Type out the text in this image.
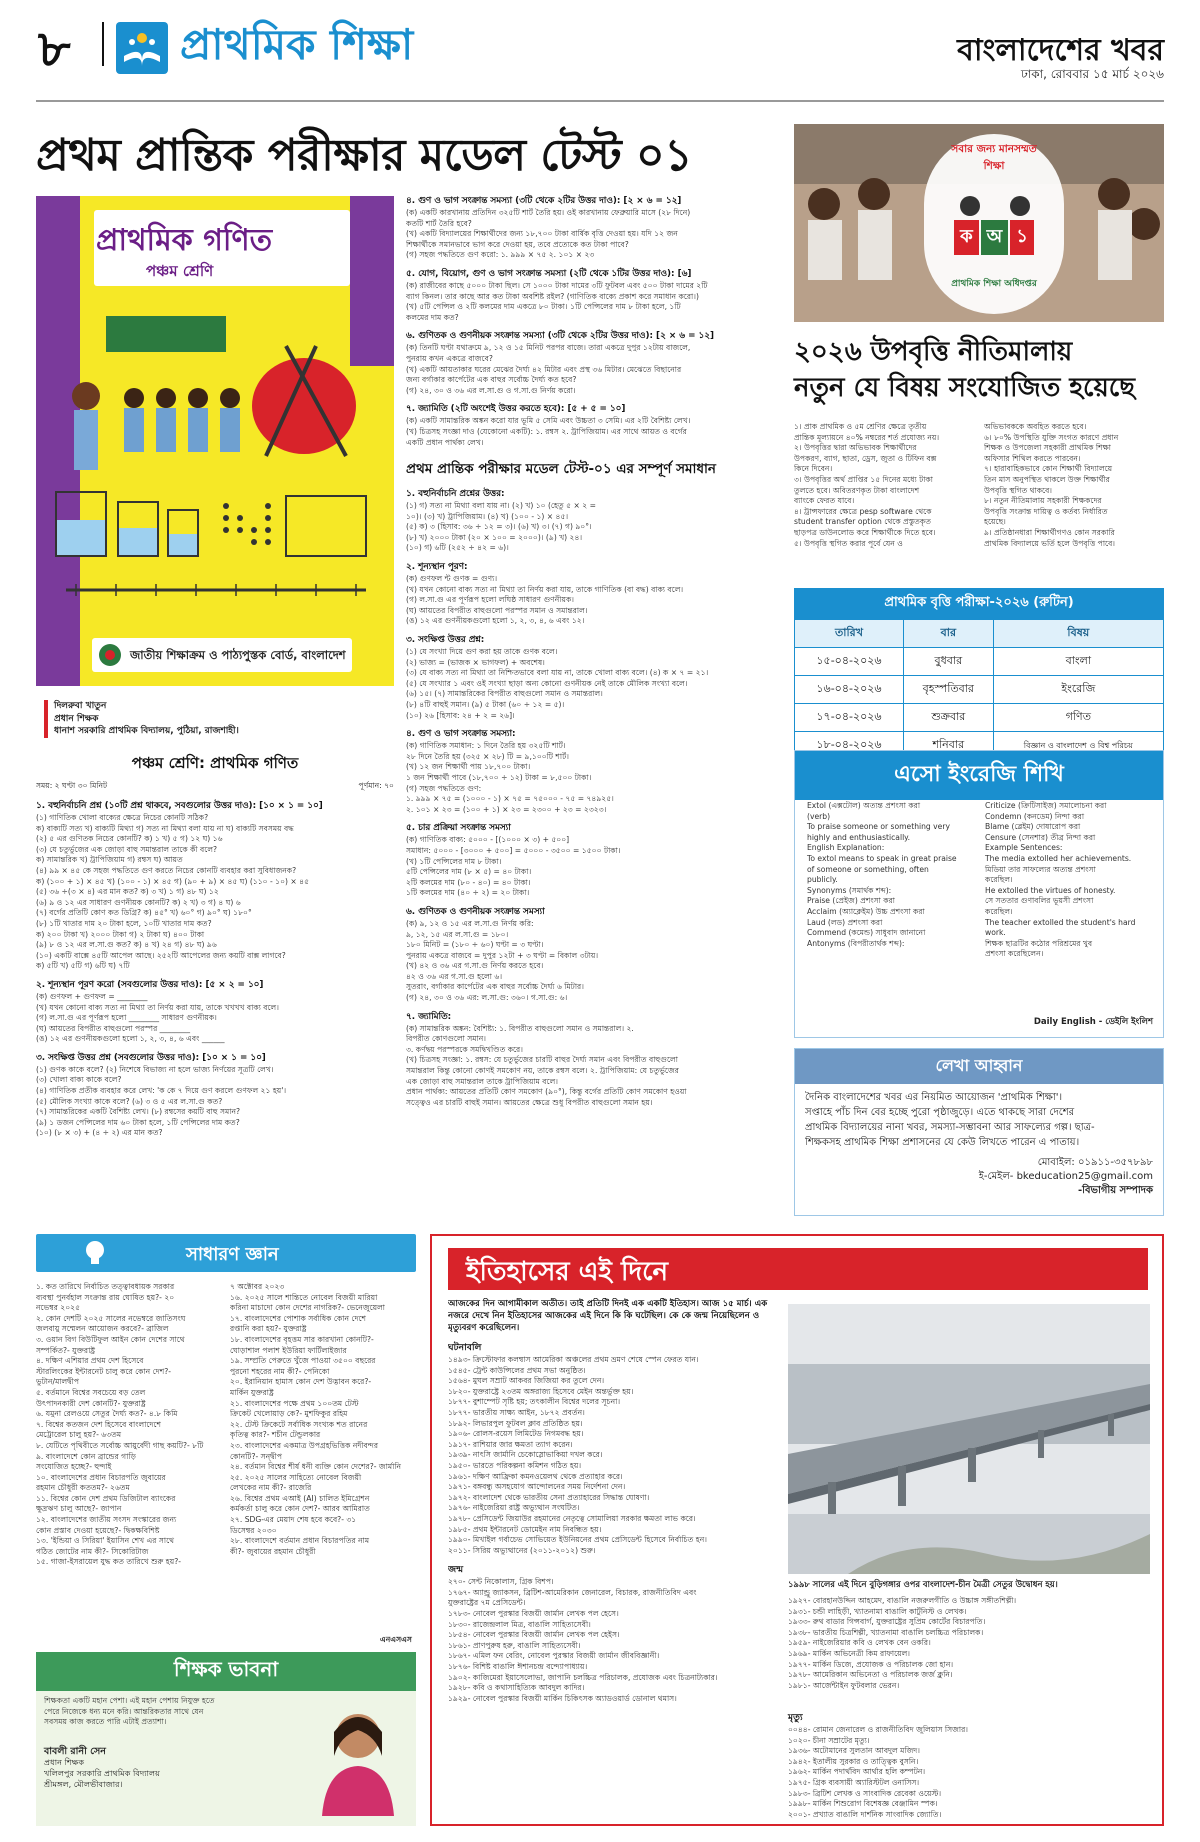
৮	প্রাথমিক শিক্ষা	বাংলাদেশের খবর
ঢাকা, রোববার ১৫ মার্চ ২০২৬
প্রথম প্রান্তিক পরীক্ষার মডেল টেস্ট ০১
প্রাথমিক গণিত
পঞ্চম শ্রেণি
জাতীয় শিক্ষাক্রম ও পাঠ্যপুস্তক বোর্ড, বাংলাদেশ
দিলরুবা খাতুন
প্রধান শিক্ষক
ধানাশ সরকারি প্রাথমিক বিদ্যালয়, পুঠিয়া, রাজশাহী।
পঞ্চম শ্রেণি: প্রাথমিক গণিত
সময়: ২ ঘণ্টা ৩০ মিনিট	পূর্ণমান: ৭০
১. বহুনির্বাচনি প্রশ্ন (১০টি প্রশ্ন থাকবে, সবগুলোর উত্তর দাও): [১০ × ১ = ১০]
(১) গাণিতিক খোলা বাক্যের ক্ষেত্রে নিচের কোনটি সঠিক?
ক) বাক্যটি সত্য খ) বাক্যটি মিথ্যা গ) সত্য না মিথ্যা বলা যায় না ঘ) বাক্যটি সবসময় বদ্ধ
(২) ৫ এর গুণিতক নিচের কোনটি? ক) ১ খ) ৫ গ) ১২ ঘ) ১৬
(৩) যে চতুর্ভুজের এক জোড়া বাহু সমান্তরাল তাকে কী বলে?
ক) সামান্তরিক খ) ট্রাপিজিয়াম গ) রম্বস ঘ) আয়ত
(৪) ৯৯ × ৪৫ কে সহজ পদ্ধতিতে গুণ করতে নিচের কোনটি ব্যবহার করা সুবিধাজনক?
ক) (১০০ + ১) × ৪৫ খ) (১০০ - ১) × ৪৫ গ) (৯০ + ৯) × ৪৫ ঘ) (১১০ - ১০) × ৪৫
(৫) ৩৬ ÷(৩ × ৪) এর মান কত? ক) ৩ খ) ১ গ) ৪৮ ঘ) ১২
(৬) ৯ ও ১২ এর সাধারণ গুণনীয়ক কোনটি? ক) ২ খ) ৩ গ) ৪ ঘ) ৬
(৭) বর্গের প্রতিটি কোণ কত ডিগ্রি? ক) ৪৫° খ) ৬০° গ) ৯০° ঘ) ১৮০°
(৮) ১টি খাতার দাম ২০ টাকা হলে, ১০টি খাতার দাম কত?
ক) ২০০ টাকা খ) ২০০০ টাকা গ) ২ টাকা ঘ) ৪০০ টাকা
(৯) ৮ ও ১২ এর ল.সা.গু কত? ক) ৪ খ) ২৪ গ) ৪৮ ঘ) ৯৬
(১০) একটি বাক্সে ৪৫টি আপেল আছে। ২৫২টি আপেলের জন্য কয়টি বাক্স লাগবে?
ক) ৫টি খ) ৫টি গ) ৬টি ঘ) ৭টি
২. শূন্যস্থান পূরণ করো (সবগুলোর উত্তর দাও): [৫ × ২ = ১০]
(ক) গুণফল + গুণফল = ________
(খ) যখন কোনো বাক্য সত্য না মিথ্যা তা নির্ণয় করা যায়, তাকে খখখখ বাক্য বলে।
(গ) ল.সা.গু এর পূর্ণরূপ হলো ________ সাধারণ গুণনীয়ক।
(ঘ) আয়তের বিপরীত বাহুগুলো পরস্পর ________
(ঙ) ১২ এর গুণনীয়কগুলো হলো ১, ২, ৩, ৪, ৬ এবং ______
৩. সংক্ষিপ্ত উত্তর প্রশ্ন (সবগুলোর উত্তর দাও): [১০ × ১ = ১০]
(১) গুণক কাকে বলে? (২) নিশেষে বিভাজ্য না হলে ভাজ্য নির্ণয়ের সূত্রটি লেখ।
(৩) খোলা বাক্য কাকে বলে?
(৪) গাণিতিক প্রতীক ব্যবহার করে লেখ: 'ক কে ৭ দিয়ে গুণ করলে গুণফল ২১ হয়'।
(৫) মৌলিক সংখ্যা কাকে বলে? (৬) ৩ ও ৫ এর ল.সা.গু কত?
(৭) সামান্তরিকের একটি বৈশিষ্ট্য লেখ। (৮) রম্বসের কয়টি বাহু সমান?
(৯) ১ ডজন পেন্সিলের দাম ৬০ টাকা হলে, ১টি পেন্সিলের দাম কত?
(১০) (৮ × ৩) + (৪ ÷ ২) এর মান কত?
৪. গুণ ও ভাগ সংক্রান্ত সমস্যা (৩টি থেকে ২টির উত্তর দাও): [২ × ৬ = ১২]
(ক) একটি কারখানায় প্রতিদিন ৩২৫টি শার্ট তৈরি হয়। ওই কারখানায় ফেব্রুয়ারি মাসে (২৮ দিনে)
কতটি শার্ট তৈরি হবে?
(খ) একটি বিদ্যালয়ের শিক্ষার্থীদের জন্য ১৮,৭০০ টাকা বার্ষিক বৃত্তি দেওয়া হয়। যদি ১২ জন
শিক্ষার্থীকে সমানভাবে ভাগ করে দেওয়া হয়, তবে প্রত্যেকে কত টাকা পাবে?
(গ) সহজ পদ্ধতিতে গুণ করো: ১. ৯৯৯ × ৭৫ ২. ১০১ × ২৩
৫. যোগ, বিয়োগ, গুণ ও ভাগ সংক্রান্ত সমস্যা (২টি থেকে ১টির উত্তর দাও): [৬]
(ক) রাজীবের কাছে ৫০০০ টাকা ছিল। সে ১০০০ টাকা দামের ৩টি ফুটবল এবং ৫০০ টাকা দামের ২টি
ব্যাগ কিনল। তার কাছে আর কত টাকা অবশিষ্ট রইল? (গাণিতিক বাক্যে প্রকাশ করে সমাধান করো।)
(খ) ৫টি পেন্সিল ও ২টি কলমের দাম একত্রে ৮০ টাকা। ১টি পেন্সিলের দাম ৮ টাকা হলে, ১টি
কলমের দাম কত?
৬. গুণিতক ও গুণনীয়ক সংক্রান্ত সমস্যা (৩টি থেকে ২টির উত্তর দাও): [২ × ৬ = ১২]
(ক) তিনটি ঘণ্টা যথাক্রমে ৯, ১২ ও ১৫ মিনিট পরপর বাজে। তারা একত্রে দুপুর ১২টায় বাজলে,
পুনরায় কখন একত্রে বাজবে?
(খ) একটি আয়তাকার ঘরের মেঝের দৈর্ঘ্য ৪২ মিটার এবং প্রস্থ ৩৬ মিটার। মেঝেতে বিছানোর
জন্য বর্গাকার কার্পেটের এক বাহুর সর্বোচ্চ দৈর্ঘ্য কত হবে?
(গ) ২৪, ৩০ ও ৩৬ এর ল.সা.গু ও গ.সা.গু নির্ণয় করো।
৭. জ্যামিতি (২টি অংশেই উত্তর করতে হবে): [৫ + ৫ = ১০]
(ক) একটি সামান্তরিক অঙ্কন করো যার ভূমি ৫ সেমি এবং উচ্চতা ৩ সেমি। এর ২টি বৈশিষ্ট্য লেখ।
(খ) চিত্রসহ সংজ্ঞা দাও (যেকোনো একটি): ১. রম্বস ২. ট্রাপিজিয়াম। এর সাথে আয়ত ও বর্গের
একটি প্রধান পার্থক্য লেখ।
প্রথম প্রান্তিক পরীক্ষার মডেল টেস্ট-০১ এর সম্পূর্ণ সমাধান
১. বহুনির্বাচনি প্রশ্নের উত্তর:
(১) গ) সত্য না মিথ্যা বলা যায় না। (২) খ) ১০ (হেতু ৫ × ২ =
১০)। (৩) খ) ট্রাপিজিয়াম। (৪) খ) (১০০ - ১) × ৪৫।
(৫) ক) ৩ (হিসাব: ৩৬ ÷ ১২ = ৩)। (৬) খ) ৩। (৭) গ) ৯০°।
(৮) খ) ২০০০ টাকা (২০ × ১০০ = ২০০০)। (৯) খ) ২৪।
(১০) গ) ৬টি (২৫২ ÷ ৪২ = ৬)।
২. শূন্যস্থান পূরণ:
(ক) গুণফল ন্ট গুণক = গুণ্য।
(খ) যখন কোনো বাক্য সত্য না মিথ্যা তা নির্ণয় করা যায়, তাকে গাণিতিক (বা বদ্ধ) বাক্য বলে।
(গ) ল.সা.গু এর পূর্ণরূপ হলো লঘিষ্ঠ সাধারণ গুণনীয়ক।
(ঘ) আয়তের বিপরীত বাহুগুলো পরস্পর সমান ও সমান্তরাল।
(ঙ) ১২ এর গুণনীয়কগুলো হলো ১, ২, ৩, ৪, ৬ এবং ১২।
৩. সংক্ষিপ্ত উত্তর প্রশ্ন:
(১) যে সংখ্যা দিয়ে গুণ করা হয় তাকে গুণক বলে।
(২) ভাজ্য = (ভাজক × ভাগফল) + অবশেষ।
(৩) যে বাক্য সত্য না মিথ্যা তা নিশ্চিতভাবে বলা যায় না, তাকে খোলা বাক্য বলে। (৪) ক × ৭ = ২১।
(৫) যে সংখ্যার ১ এবং ওই সংখ্যা ছাড়া অন্য কোনো গুণনীয়ক নেই তাকে মৌলিক সংখ্যা বলে।
(৬) ১৫। (৭) সামান্তরিকের বিপরীত বাহুগুলো সমান ও সমান্তরাল।
(৮) ৪টি বাহুই সমান। (৯) ৫ টাকা (৬০ ÷ ১২ = ৫)।
(১০) ২৬ [হিসাব: ২৪ + ২ = ২৬]।
৪. গুণ ও ভাগ সংক্রান্ত সমস্যা:
(ক) গাণিতিক সমাধান: ১ দিনে তৈরি হয় ৩২৫টি শার্ট।
২৮ দিনে তৈরি হয় (৩২৫ × ২৮) টি = ৯,১০০টি শার্ট।
(খ) ১২ জন শিক্ষার্থী পায় ১৮,৭০০ টাকা।
১ জন শিক্ষার্থী পাবে (১৮,৭০০ ÷ ১২) টাকা = ৮,৫০০ টাকা।
(গ) সহজ পদ্ধতিতে গুণ:
১. ৯৯৯ × ৭৫ = (১০০০ - ১) × ৭৫ = ৭৫০০০ - ৭৫ = ৭৪৯২৫।
২. ১০১ × ২৩ = (১০০ + ১) × ২৩ = ২৩০০ + ২৩ = ২৩২৩।
৫. চার প্রক্রিয়া সংক্রান্ত সমস্যা
(ক) গাণিতিক বাক্য: ৫০০০ - [(১০০০ × ৩) + ৫০০]
সমাধান: ৫০০০ - [৩০০০ + ৫০০] = ৫০০০ - ৩৫০০ = ১৫০০ টাকা।
(খ) ১টি পেন্সিলের দাম ৮ টাকা।
৫টি পেন্সিলের দাম (৮ × ৫) = ৪০ টাকা।
২টি কলমের দাম (৮০ - ৪০) = ৪০ টাকা।
১টি কলমের দাম (৪০ ÷ ২) = ২০ টাকা।
৬. গুণিতক ও গুণনীয়ক সংক্রান্ত সমস্যা
(ক) ৯, ১২ ও ১৫ এর ল.সা.গু নির্ণয় করি:
৯, ১২, ১৫ এর ল.সা.গু = ১৮০।
১৮০ মিনিট = (১৮০ ÷ ৬০) ঘণ্টা = ৩ ঘণ্টা।
পুনরায় একত্রে বাজবে = দুপুর ১২টা + ৩ ঘণ্টা = বিকাল ৩টায়।
(খ) ৪২ ও ৩৬ এর গ.সা.গু নির্ণয় করতে হবে।
৪২ ও ৩৬ এর গ.সা.গু হলো ৬।
সুতরাং, বর্গাকার কার্পেটের এক বাহুর সর্বোচ্চ দৈর্ঘ্য ৬ মিটার।
(গ) ২৪, ৩০ ও ৩৬ এর: ল.সা.গু: ৩৬০। গ.সা.গু: ৬।
৭. জ্যামিতি:
(ক) সামান্তরিক অঙ্কন: বৈশিষ্ট্য: ১. বিপরীত বাহুগুলো সমান ও সমান্তরাল। ২.
বিপরীত কোণগুলো সমান।
৩. কর্ণদ্বয় পরস্পরকে সমদ্বিখণ্ডিত করে।
(খ) চিত্রসহ সংজ্ঞা: ১. রম্বস: যে চতুর্ভুজের চারটি বাহুর দৈর্ঘ্য সমান এবং বিপরীত বাহুগুলো
সমান্তরাল কিন্তু কোনো কোণই সমকোণ নয়, তাকে রম্বস বলে। ২. ট্রাপিজিয়াম: যে চতুর্ভুজের
এক জোড়া বাহু সমান্তরাল তাকে ট্রাপিজিয়াম বলে।
প্রধান পার্থক্য: আয়তের প্রতিটি কোণ সমকোণ (৯০°), কিন্তু বর্গের প্রতিটি কোণ সমকোণ হওয়া
সত্ত্বেও এর চারটি বাহুই সমান। আয়তের ক্ষেত্রে শুধু বিপরীত বাহুগুলো সমান হয়।
সবার জন্য মানসম্মত শিক্ষা
ক অ ১
প্রাথমিক শিক্ষা অধিদপ্তর
২০২৬ উপবৃত্তি নীতিমালায়
নতুন যে বিষয় সংযোজিত হয়েছে
১। প্রাক প্রাথমিক ও ৫ম শ্রেণির ক্ষেত্রে তৃতীয়
প্রান্তিক মূল্যায়নে ৪০% নম্বরের শর্ত প্রযোজ্য নয়।
২। উপবৃত্তির দ্বারা অভিভাবক শিক্ষার্থীদের
উপকরণ, ব্যাগ, ছাতা, ড্রেস, জুতা ও টিফিন বক্স
কিনে দিবেন।
৩। উপবৃত্তির অর্থ প্রাপ্তির ১৫ দিনের মধ্যে টাকা
তুলতে হবে। অবিতরণকৃত টাকা বাংলাদেশ
ব্যাংকে ফেরত যাবে।
৪। ট্রান্সফারের ক্ষেত্রে pesp software থেকে
student transfer option থেকে প্রস্তুতকৃত
ছাড়পত্র ডাউনলোড করে শিক্ষার্থীকে দিতে হবে।
৫। উপবৃত্তি স্থগিত করার পূর্বে যেন ও
অভিভাবককে অবহিত করতে হবে।
৬। ৮০% উপস্থিতি যুক্তি সংগত কারণে প্রধান
শিক্ষক ও উপজেলা সহকারী প্রাথমিক শিক্ষা
অফিসার শিথিল করতে পারবেন।
৭। হারাবাহিকভাবে কোন শিক্ষার্থী বিদ্যালয়ে
তিন মাস অনুপস্থিত থাকলে উক্ত শিক্ষার্থীর
উপবৃত্তি স্থগিত থাকবে।
৮। নতুন নীতিমালায় সহকারী শিক্ষকদের
উপবৃত্তি সংক্রান্ত দায়িত্ব ও কর্তব্য নির্ধারিত
হয়েছে।
৯। প্রতিষ্ঠানধারা শিক্ষার্থীগণও কোন সরকারি
প্রাথমিক বিদ্যালয়ে ভর্তি হলে উপবৃত্তি পাবে।
প্রাথমিক বৃত্তি পরীক্ষা-২০২৬ (রুটিন)
তারিখ	বার	বিষয়
১৫-০৪-২০২৬	বুধবার	বাংলা
১৬-০৪-২০২৬	বৃহস্পতিবার	ইংরেজি
১৭-০৪-২০২৬	শুক্রবার	গণিত
১৮-০৪-২০২৬	শনিবার	বিজ্ঞান ও বাংলাদেশ ও বিশ্ব পরিচয়
এসো ইংরেজি শিখি
Extol (এক্সটোল) অত্যন্ত প্রশংসা করা
(verb)
To praise someone or something very
highly and enthusiastically.
English Explanation:
To extol means to speak in great praise
of someone or something, often
publicly.
Synonyms (সমার্থক শব্দ):
Praise (প্রেইজ) প্রশংসা করা
Acclaim (অ্যাক্লেইম) উচ্চ প্রশংসা করা
Laud (লড) প্রশংসা করা
Commend (কমেন্ড) সাধুবাদ জানানো
Antonyms (বিপরীতার্থক শব্দ):
Criticize (ক্রিটিসাইজ) সমালোচনা করা
Condemn (কনডেম) নিন্দা করা
Blame (ব্লেইম) দোষারোপ করা
Censure (সেনশার) তীব্র নিন্দা করা
Example Sentences:
The media extolled her achievements.
মিডিয়া তার সাফল্যের অত্যন্ত প্রশংসা
করেছিল।
He extolled the virtues of honesty.
সে সততার গুণাবলির ভূয়সী প্রশংসা
করেছিল।
The teacher extolled the student's hard
work.
শিক্ষক ছাত্রটির কঠোর পরিশ্রমের খুব
প্রশংসা করেছিলেন।
Daily English - ডেইলি ইংলিশ
লেখা আহ্বান
দৈনিক বাংলাদেশের খবর এর নিয়মিত আয়োজন 'প্রাথমিক শিক্ষা'।
সপ্তাহে পাঁচ দিন বের হচ্ছে পুরো পৃষ্ঠাজুড়ে। এতে থাকছে সারা দেশের
প্রাথমিক বিদ্যালয়ের নানা খবর, সমস্যা-সম্ভাবনা আর সাফল্যের গল্প। ছাত্র-
শিক্ষকসহ প্রাথমিক শিক্ষা প্রশাসনের যে কেউ লিখতে পারেন এ পাতায়।
মোবাইল: ০১৯১১-৩৫৭৮৯৮
ই-মেইল- bkeducation25@gmail.com
-বিভাগীয় সম্পাদক
সাধারণ জ্ঞান
১. কত তারিখে নির্বাচিত তত্ত্বাবধায়ক সরকার
ব্যবস্থা পুনর্বহাল সংক্রান্ত রায় ঘোষিত হয়?- ২০
নভেম্বর ২০২৫
২. কোন দেশটি ২০২৫ সালের নভেম্বরে জাতিসংঘ
জলবায়ু সম্মেলন আয়োজন করবে?- ব্রাজিল
৩. ওয়ান বিগ বিউটিফুল আইন কোন দেশের সাথে
সম্পর্কিত?- যুক্তরাষ্ট্র
৪. দক্ষিণ এশিয়ার প্রথম দেশ হিসেবে
স্টারলিংকের ইন্টারনেট চালু করে কোন দেশ?-
ভুটান/মালদ্বীপ
৫. বর্তমানে বিশ্বের সবচেয়ে বড় তেল
উৎপাদনকারী দেশ কোনটি?- যুক্তরাষ্ট্র
৬. যমুনা রেলওয়ে সেতুর দৈর্ঘ্য কত?- ৪.৮ কিমি
৭. বিশ্বের কতজন দেশ হিসেবে বাংলাদেশে
মেট্রোরেল চালু হয়?- ৬৩তম
৮. যেটিতে পৃথিবীতে সর্বোচ্চ আয়ুর্বেদী গাছ কয়টি?- ৮টি
৯. বাংলাদেশে কোন ব্রান্ডের গাড়ি
সংযোজিত হচ্ছে?- হুন্দাই
১০. বাংলাদেশের প্রধান বিচারপতি জুবায়ের
রহমান চৌধুরী কততম?- ২৬তম
১১. বিশ্বের কোন দেশ প্রথম ডিজিটাল ব্যাংকের
ক্ষুদ্রঋণ চালু আছে?- জাপান
১২. বাংলাদেশের জাতীয় সংসদ সংস্কারের জন্য
কোন প্রস্তাব দেওয়া হয়েছে?- দ্বিকক্ষবিশিষ্ট
১৩. 'ইন্ডিয়া ও সিরিয়া' ইয়াসিন শেখ এর সাথে
গঠিত জোটের নাম কী?- সিকোরিটাজ
১৫. গাজা-ইসরায়েল যুদ্ধ কত তারিখে শুরু হয়?-
৭ অক্টোবর ২০২৩
১৬. ২০২৫ সালে শান্তিতে নোবেল বিজয়ী মারিয়া
করিনা মাচাদো কোন দেশের নাগরিক?- ভেনেজুয়েলা
১৭. বাংলাদেশের পোশাক সর্বাধিক কোন দেশে
রপ্তানি করা হয়?- যুক্তরাষ্ট্র
১৮. বাংলাদেশের বৃহত্তম সার কারখানা কোনটি?-
ঘোড়াশাল পলাশ ইউরিয়া ফার্টিলাইজার
১৯. সম্প্রতি পেরুতে খুঁজে পাওয়া ৩৫০০ বছরের
পুরনো শহরের নাম কী?- পেনিকো
২০. ইরানিয়ান হামাস কোন দেশ উদ্ভাবন করে?-
মার্কিন যুক্তরাষ্ট্র
২১. বাংলাদেশের পক্ষে প্রথম ১০০তম টেস্ট
ক্রিকেট খেলোয়াড় কে?- মুশফিকুর রহিম
২২. টেস্ট ক্রিকেটে সর্বাধিক সংখ্যক শত রানের
কৃতিত্ব কার?- শচীন টেন্ডুলকার
২৩. বাংলাদেশের একমাত্র উপগ্রহভিত্তিক নদীবন্দর
কোনটি?- সন্দ্বীপ
২৪. বর্তমান বিশ্বের শীর্ষ ধনী ব্যক্তি কোন দেশের?- জার্মানি
২৫. ২০২৫ সালের সাহিত্যে নোবেল বিজয়ী
লেখকের নাম কী?- রাজেরি
২৬. বিশ্বের প্রথম এআই (AI) চালিত ইমিগ্রেশন
কর্মকর্তা চালু করে কোন দেশ?- আরব আমিরাত
২৭. SDG-এর মেয়াদ শেষ হবে কবে?- ৩১
ডিসেম্বর ২০৩০
২৮. বাংলাদেশে বর্তমান প্রধান বিচারপতির নাম
কী?- জুবায়ের রহমান চৌধুরী
এনএসএস
শিক্ষক ভাবনা
শিক্ষকতা একটি মহান পেশা। এই মহান পেশায় নিযুক্ত হতে
পেরে নিজেকে ধন্য মনে করি। আন্তরিকতার সাথে যেন
সবসময় কাজ করতে পারি এটাই প্রত্যাশা।
বাবলী রানী সেন
প্রধান শিক্ষক
খলিলপুর সরকারি প্রাথমিক বিদ্যালয়
শ্রীমঙ্গল, মৌলভীবাজার।
ইতিহাসের এই দিনে
আজকের দিন আগামীকাল অতীত। তাই প্রতিটি দিনই এক একটি ইতিহাস। আজ ১৫ মার্চ। এক নজরে দেখে নিন ইতিহাসের আজকের এই দিনে কি কি ঘটেছিল। কে কে জন্ম নিয়েছিলেন ও মৃত্যুবরণ করেছিলেন।
ঘটনাবলি
১৪৯৩- ক্রিস্টোফার কলম্বাস আমেরিকা অঞ্চলের প্রথম ভ্রমণ শেষে স্পেন ফেরত যান।
১৫৪৫- ট্রেন্ট কাউন্সিলের প্রথম সভা অনুষ্ঠিত।
১৫৬৪- মুঘল সম্রাট আকবর জিজিয়া কর তুলে দেন।
১৮২০- যুক্তরাষ্ট্রে ২৩তম অঙ্গরাজ্য হিসেবে মেইন অন্তর্ভুক্ত হয়।
১৮৭৭- বুশাম্পেট সৃষ্টি হয়; তৎকালীন বিশ্বের দলের সূচনা।
১৮৭৭- ভারতীয় সাক্ষ্য আইন, ১৮৭২ প্রবর্তন।
১৮৯২- লিভারপুল ফুটবল ক্লাব প্রতিষ্ঠিত হয়।
১৯০৬- রোলস-রয়েস লিমিটেড নিগমবদ্ধ হয়।
১৯১৭- রাশিয়ার জার ক্ষমতা ত্যাগ করেন।
১৯৩৯- নাৎসি জার্মানি চেকোস্লোভাকিয়া দখল করে।
১৯৫০- ভারতে পরিকল্পনা কমিশন গঠিত হয়।
১৯৬১- দক্ষিণ আফ্রিকা কমনওয়েলথ থেকে প্রত্যাহার করে।
১৯৭১- বঙ্গবন্ধু অসহযোগ আন্দোলনের সময় নির্দেশনা দেন।
১৯৭২- বাংলাদেশ থেকে ভারতীয় সেনা প্রত্যাহারের সিদ্ধান্ত ঘোষণা।
১৯৭৬- নাইজেরিয়া রাষ্ট্র অভ্যুত্থান সংঘটিত।
১৯৭৮- প্রেসিডেন্ট জিয়াউর রহমানের নেতৃত্বে সোমালিয়া সরকার ক্ষমতা লাভ করে।
১৯৮৫- প্রথম ইন্টারনেট ডোমেইন নাম নিবন্ধিত হয়।
১৯৯০- মিখাইল গর্বাচেভ সোভিয়েত ইউনিয়নের প্রথম প্রেসিডেন্ট হিসেবে নির্বাচিত হন।
২০১১- সিরিয় অভ্যুত্থানের (২০১১-২০১২) শুরু।
জন্ম
২৭০- সেন্ট নিকোলাস, গ্রিক বিশপ।
১৭৬৭- অ্যান্ড্রু জ্যাকসন, ব্রিটিশ-আমেরিকান জেনারেল, বিচারক, রাজনীতিবিদ এবং
যুক্তরাষ্ট্রের ৭ম প্রেসিডেন্ট।
১৭৮৩- নোবেল পুরস্কার বিজয়ী জার্মান লেখক পল হেসে।
১৮৩০- রাজেন্দ্রলাল মিত্র, বাঙালি সাহিত্যসেবী।
১৮৫৪- নোবেল পুরস্কার বিজয়ী জার্মান লেখক পল হেইস।
১৮৬১- প্রাণপুরুষ হরু, বাঙালি সাহিত্যসেবী।
১৮৬৭- এমিল ফন বেরিং, নোবেল পুরস্কার বিজয়ী জার্মান জীববিজ্ঞানী।
১৮৭৬- বিশিষ্ট বাঙালি ঈশানচন্দ্র বন্দ্যোপাধ্যায়।
১৯০২- কাজিমেরা ইয়াসেলোভা, জাপানি চলচ্চিত্র পরিচালক, প্রযোজক এবং চিত্রনাট্যকার।
১৯২৮- কবি ও কথাসাহিত্যিক আবদুল কাদির।
১৯২৯- নোবেল পুরস্কার বিজয়ী মার্কিন চিকিৎসক অ্যাডওয়ার্ড ডোনাল থমাস।
১৯৯৮ সালের এই দিনে বুড়িগঙ্গার ওপর বাংলাদেশ-চীন মৈত্রী সেতুর উদ্বোধন হয়।
১৯২৭- বোরহানউদ্দিন আহমেদ, বাঙালি নজরুলগীতি ও উচ্চাঙ্গ সঙ্গীতশিল্পী।
১৯৩১- চন্ডী লাহিড়ী, খ্যাতনামা বাঙালি কার্টুনিস্ট ও লেখক।
১৯৩৩- রুথ বাডার গিন্সবার্গ, যুক্তরাষ্ট্রের সুপ্রিম কোর্টের বিচারপতি।
১৯৩৮- ভারতীয় চিত্রশিল্পী, খ্যাতনামা বাঙালি চলচ্চিত্র পরিচালক।
১৯৫৯- নাইজেরিয়ার কবি ও লেখক বেন ওকরি।
১৯৬৯- মার্কিন অভিনেত্রী কিম রাফায়েল।
১৯৭৭- মার্কিন ডিজে, প্রযোজক ও পরিচালক জো হান।
১৯৭৮- আমেরিকান অভিনেতা ও পরিচালক জর্জ ক্লুনি।
১৯৮১- আর্জেন্টাইন ফুটবলার ভেরন।
মৃত্যু
০০৪৪- রোমান জেনারেল ও রাজনীতিবিদ জুলিয়াস সিজার।
১০২০- চীনা সম্রাটের মৃত্যু।
১৯৩৬- অটোমানের সুলতান আবদুল মজিদ।
১৯৪২- ইতালীয় সুরকার ও তাত্ত্বিক বুসনি।
১৯৬২- মার্কিন পদার্থবিদ আর্থার হলি কম্পটন।
১৯৭৫- গ্রিক ব্যবসায়ী অ্যারিস্টটল ওনাসিস।
১৯৮৩- ব্রিটিশ লেখক ও সাংবাদিক রেবেকা ওয়েস্ট।
১৯৯৮- মার্কিন শিশুরোগ বিশেষজ্ঞ বেঞ্জামিন স্পক।
২০০১- প্রখ্যাত বাঙালি দার্শনিক সাংবাদিক জ্যোতি।
